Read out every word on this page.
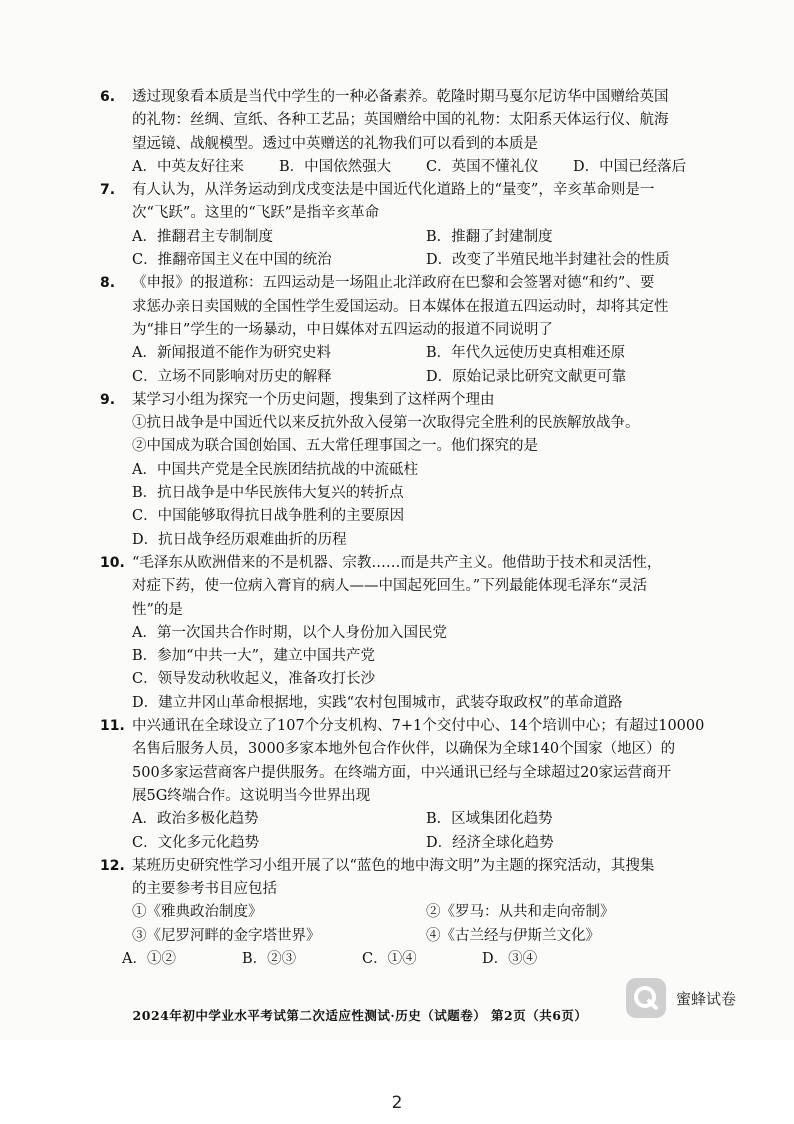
6.	透过现象看本质是当代中学生的一种必备素养。乾隆时期马戛尔尼访华中国赠给英国
的礼物：丝绸、宣纸、各种工艺品；英国赠给中国的礼物：太阳系天体运行仪、航海
望远镜、战舰模型。透过中英赠送的礼物我们可以看到的本质是
A．中英友好往来	B．中国依然强大	C．英国不懂礼仪	D．中国已经落后
7.	有人认为，从洋务运动到戊戌变法是中国近代化道路上的“量变”，辛亥革命则是一
次“飞跃”。这里的“飞跃”是指辛亥革命
A．推翻君主专制制度	B．推翻了封建制度
C．推翻帝国主义在中国的统治	D．改变了半殖民地半封建社会的性质
8.	《申报》的报道称：五四运动是一场阻止北洋政府在巴黎和会签署对德“和约”、要
求惩办亲日卖国贼的全国性学生爱国运动。日本媒体在报道五四运动时，却将其定性
为“排日”学生的一场暴动，中日媒体对五四运动的报道不同说明了
A．新闻报道不能作为研究史料	B．年代久远使历史真相难还原
C．立场不同影响对历史的解释	D．原始记录比研究文献更可靠
9.	某学习小组为探究一个历史问题，搜集到了这样两个理由
①抗日战争是中国近代以来反抗外敌入侵第一次取得完全胜利的民族解放战争。
②中国成为联合国创始国、五大常任理事国之一。他们探究的是
A．中国共产党是全民族团结抗战的中流砥柱
B．抗日战争是中华民族伟大复兴的转折点
C．中国能够取得抗日战争胜利的主要原因
D．抗日战争经历艰难曲折的历程
10. “毛泽东从欧洲借来的不是机器、宗教……而是共产主义。他借助于技术和灵活性，
对症下药，使一位病入膏肓的病人——中国起死回生。”下列最能体现毛泽东“灵活
性”的是
A．第一次国共合作时期，以个人身份加入国民党
B．参加“中共一大”，建立中国共产党
C．领导发动秋收起义，准备攻打长沙
D．建立井冈山革命根据地，实践“农村包围城市，武装夺取政权”的革命道路
11. 中兴通讯在全球设立了107个分支机构、7+1个交付中心、14个培训中心；有超过10000
名售后服务人员，3000多家本地外包合作伙伴，以确保为全球140个国家（地区）的
500多家运营商客户提供服务。在终端方面，中兴通讯已经与全球超过20家运营商开
展5G终端合作。这说明当今世界出现
A．政治多极化趋势	B．区域集团化趋势
C．文化多元化趋势	D．经济全球化趋势
12. 某班历史研究性学习小组开展了以“蓝色的地中海文明”为主题的探究活动，其搜集
的主要参考书目应包括
①《雅典政治制度》	②《罗马：从共和走向帝制》
③《尼罗河畔的金字塔世界》	④《古兰经与伊斯兰文化》
A．①②	B．②③	C．①④	D．③④
蜜蜂试卷
2024年初中学业水平考试第二次适应性测试·历史（试题卷） 第2页（共6页）
2
